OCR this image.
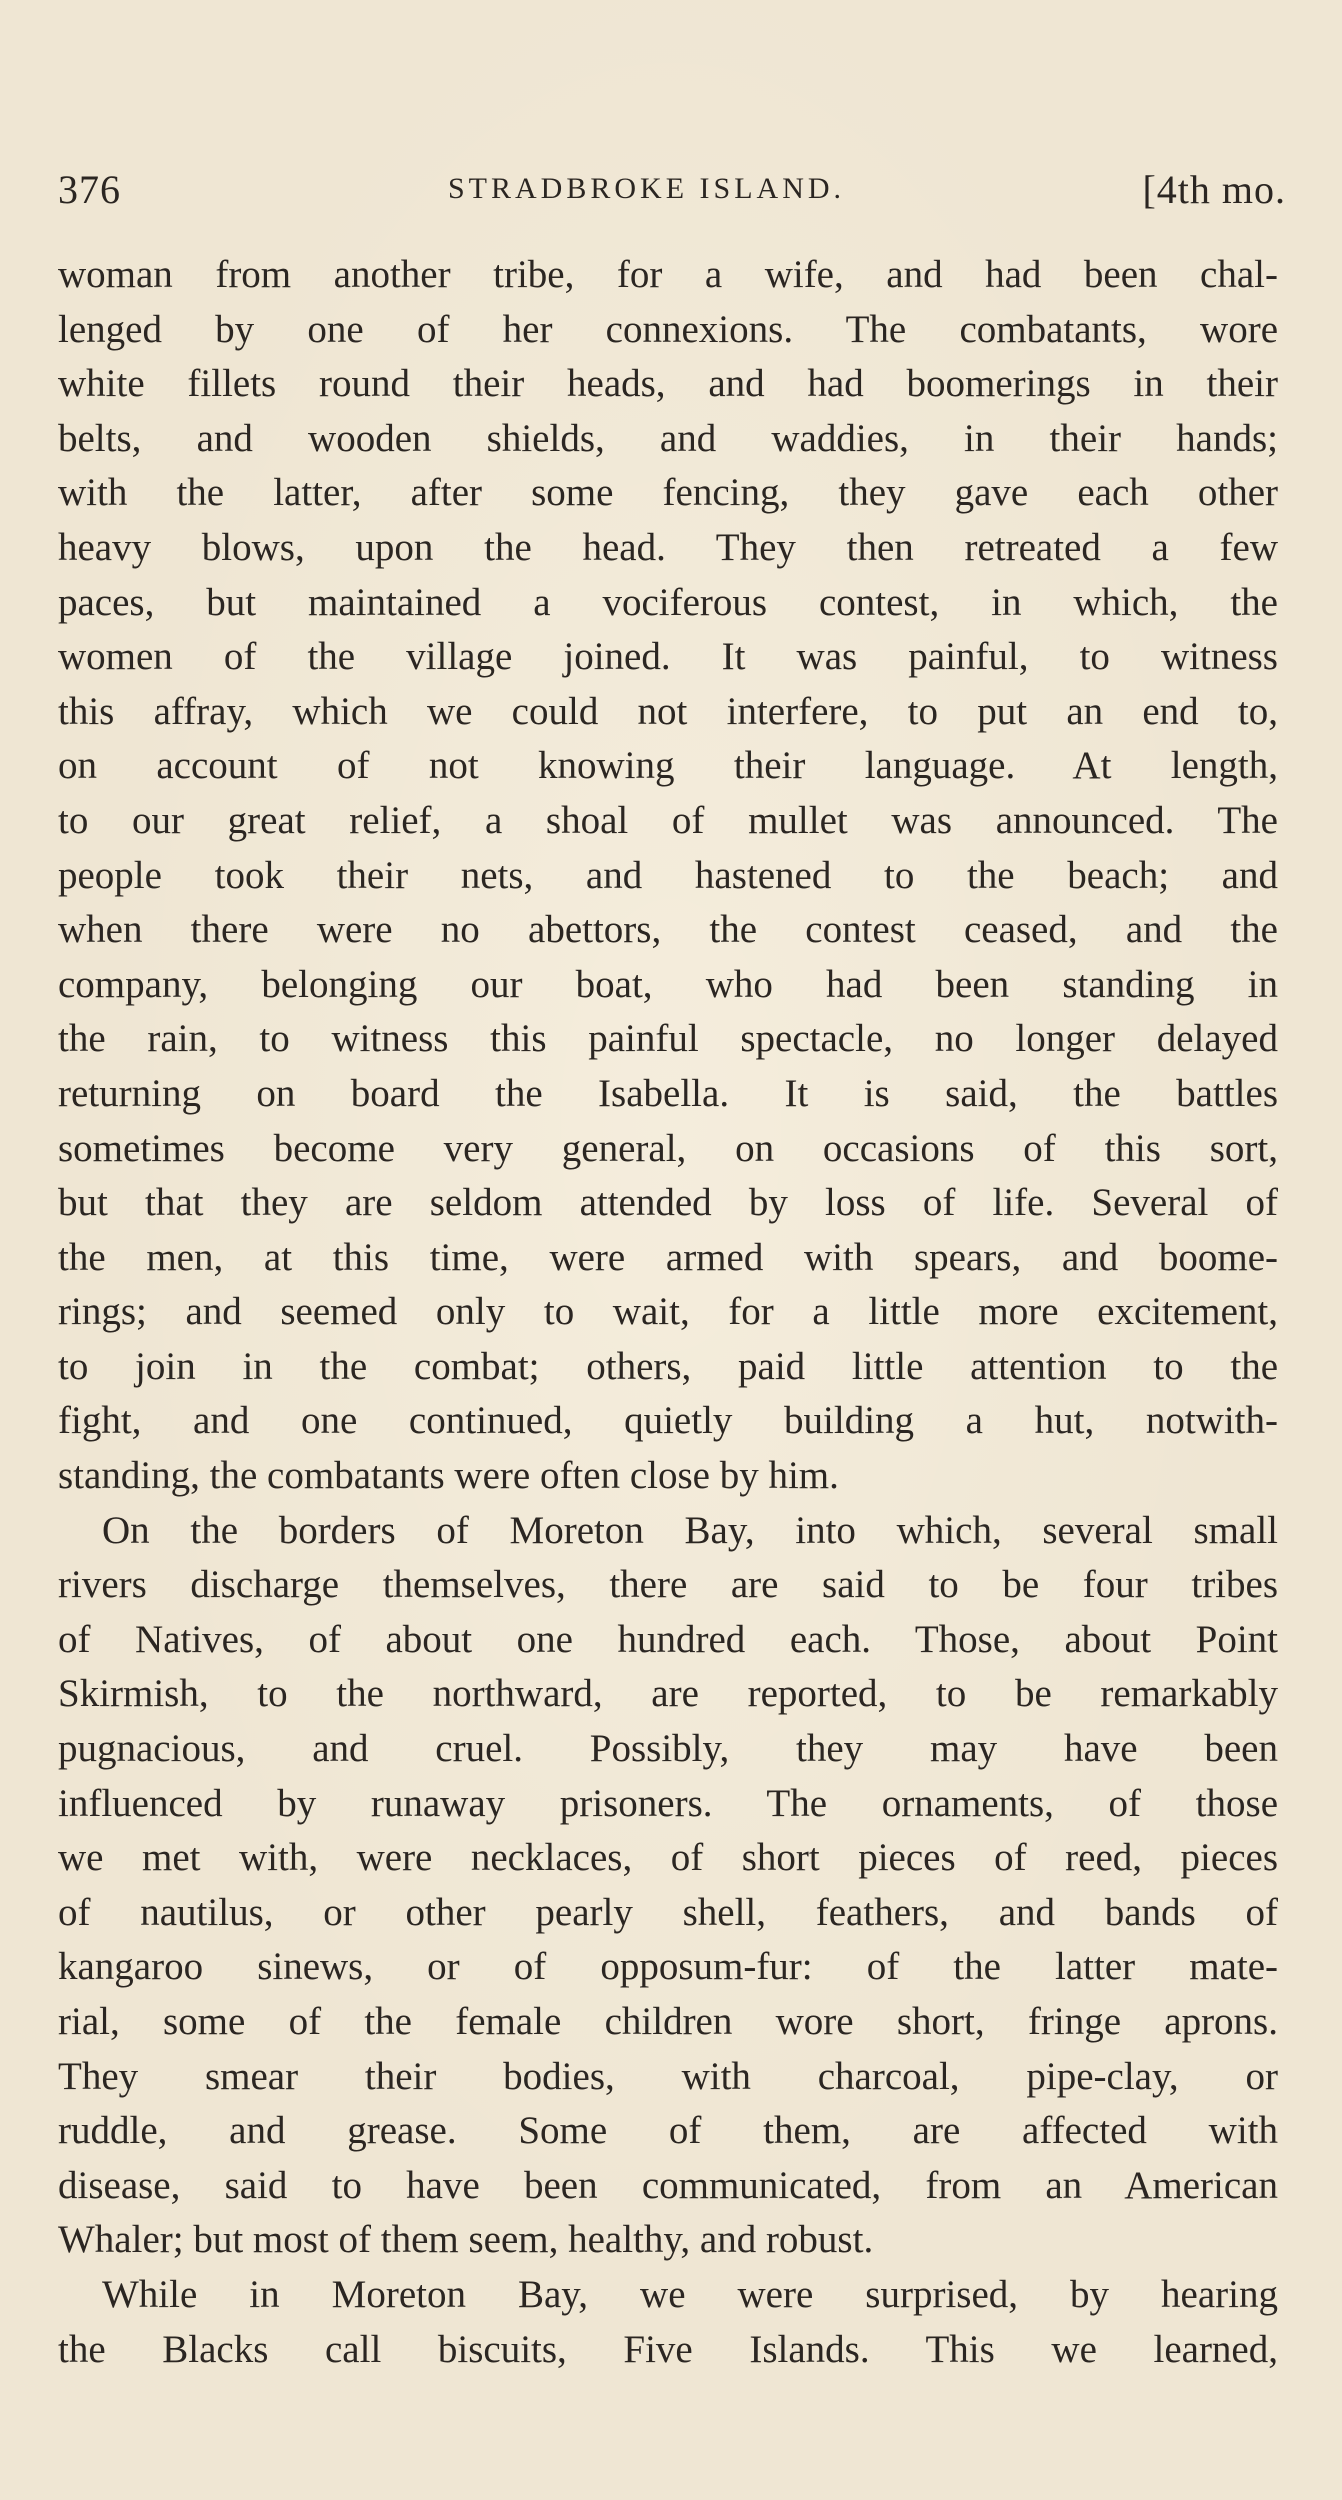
376	STRADBROKE ISLAND.	[4th mo.
woman from another tribe, for a wife, and had been chal-
lenged by one of her connexions. The combatants, wore
white fillets round their heads, and had boomerings in their
belts, and wooden shields, and waddies, in their hands;
with the latter, after some fencing, they gave each other
heavy blows, upon the head. They then retreated a few
paces, but maintained a vociferous contest, in which, the
women of the village joined. It was painful, to witness
this affray, which we could not interfere, to put an end to,
on account of not knowing their language. At length,
to our great relief, a shoal of mullet was announced. The
people took their nets, and hastened to the beach; and
when there were no abettors, the contest ceased, and the
company, belonging our boat, who had been standing in
the rain, to witness this painful spectacle, no longer delayed
returning on board the Isabella. It is said, the battles
sometimes become very general, on occasions of this sort,
but that they are seldom attended by loss of life. Several of
the men, at this time, were armed with spears, and boome-
rings; and seemed only to wait, for a little more excitement,
to join in the combat; others, paid little attention to the
fight, and one continued, quietly building a hut, notwith-
standing, the combatants were often close by him.
On the borders of Moreton Bay, into which, several small
rivers discharge themselves, there are said to be four tribes
of Natives, of about one hundred each. Those, about Point
Skirmish, to the northward, are reported, to be remarkably
pugnacious, and cruel. Possibly, they may have been
influenced by runaway prisoners. The ornaments, of those
we met with, were necklaces, of short pieces of reed, pieces
of nautilus, or other pearly shell, feathers, and bands of
kangaroo sinews, or of opposum-fur: of the latter mate-
rial, some of the female children wore short, fringe aprons.
They smear their bodies, with charcoal, pipe-clay, or
ruddle, and grease. Some of them, are affected with
disease, said to have been communicated, from an American
Whaler; but most of them seem, healthy, and robust.
While in Moreton Bay, we were surprised, by hearing
the Blacks call biscuits, Five Islands. This we learned,
